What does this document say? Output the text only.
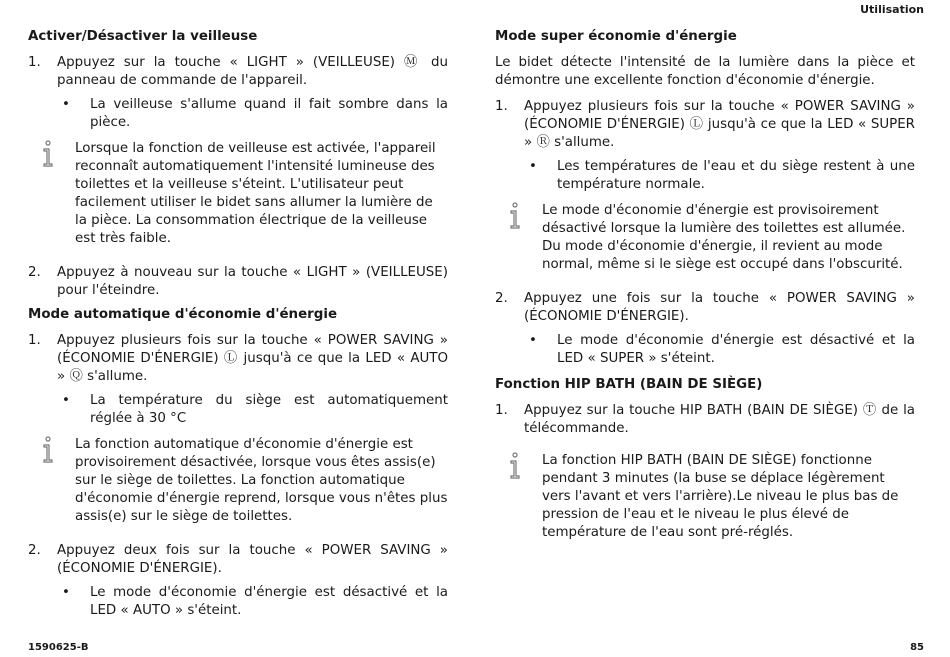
Utilisation
Activer/Désactiver la veilleuse
1. Appuyez sur la touche « LIGHT » (VEILLEUSE) Ⓜ du panneau de commande de l'appareil.
• La veilleuse s'allume quand il fait sombre dans la pièce.
Lorsque la fonction de veilleuse est activée, l'appareil reconnaît automatiquement l'intensité lumineuse des toilettes et la veilleuse s'éteint. L'utilisateur peut facilement utiliser le bidet sans allumer la lumière de la pièce. La consommation électrique de la veilleuse est très faible.
2. Appuyez à nouveau sur la touche « LIGHT » (VEILLEUSE) pour l'éteindre.
Mode automatique d'économie d'énergie
1. Appuyez plusieurs fois sur la touche « POWER SAVING » (ÉCONOMIE D'ÉNERGIE) Ⓛ jusqu'à ce que la LED « AUTO » Ⓠ s'allume.
• La température du siège est automatiquement réglée à 30 °C
La fonction automatique d'économie d'énergie est provisoirement désactivée, lorsque vous êtes assis(e) sur le siège de toilettes. La fonction automatique d'économie d'énergie reprend, lorsque vous n'êtes plus assis(e) sur le siège de toilettes.
2. Appuyez deux fois sur la touche « POWER SAVING » (ÉCONOMIE D'ÉNERGIE).
• Le mode d'économie d'énergie est désactivé et la LED « AUTO » s'éteint.
Mode super économie d'énergie

Le bidet détecte l'intensité de la lumière dans la pièce et démontre une excellente fonction d'économie d'énergie.

1. Appuyez plusieurs fois sur la touche « POWER SAVING » (ÉCONOMIE D'ÉNERGIE) Ⓛ jusqu'à ce que la LED « SUPER » Ⓡ s'allume.
• Les températures de l'eau et du siège restent à une température normale.
Le mode d'économie d'énergie est provisoirement désactivé lorsque la lumière des toilettes est allumée. Du mode d'économie d'énergie, il revient au mode normal, même si le siège est occupé dans l'obscurité.
2. Appuyez une fois sur la touche « POWER SAVING » (ÉCONOMIE D'ÉNERGIE).
• Le mode d'économie d'énergie est désactivé et la LED « SUPER » s'éteint.
Fonction HIP BATH (BAIN DE SIÈGE)
1. Appuyez sur la touche HIP BATH (BAIN DE SIÈGE) Ⓣ de la télécommande.
La fonction HIP BATH (BAIN DE SIÈGE) fonctionne pendant 3 minutes (la buse se déplace légèrement vers l'avant et vers l'arrière).Le niveau le plus bas de pression de l'eau et le niveau le plus élevé de température de l'eau sont pré-réglés.
1590625-B	85
